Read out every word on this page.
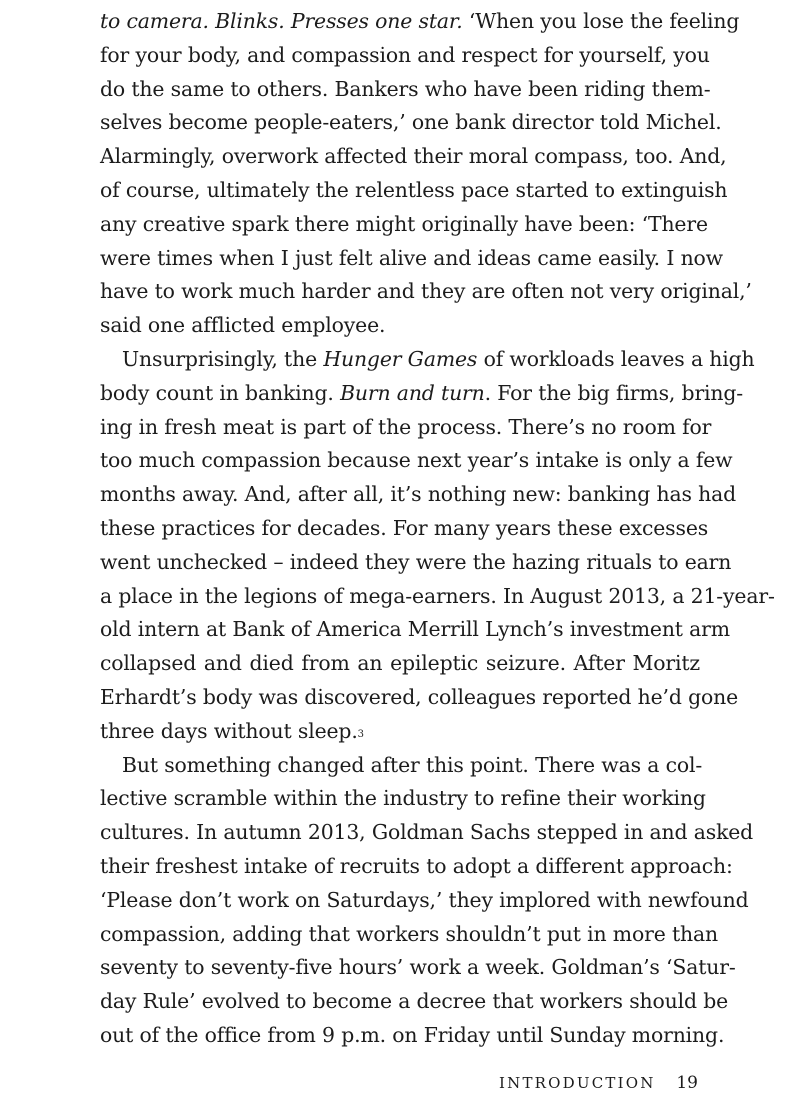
to camera. Blinks. Presses one star. ‘When you lose the feeling
for your body, and compassion and respect for yourself, you
do the same to others. Bankers who have been riding them-
selves become people-eaters,’ one bank director told Michel.
Alarmingly, overwork affected their moral compass, too. And,
of course, ultimately the relentless pace started to extinguish
any creative spark there might originally have been: ‘There
were times when I just felt alive and ideas came easily. I now
have to work much harder and they are often not very original,’
said one afflicted employee.
Unsurprisingly, the Hunger Games of workloads leaves a high
body count in banking. Burn and turn. For the big firms, bring-
ing in fresh meat is part of the process. There’s no room for
too much compassion because next year’s intake is only a few
months away. And, after all, it’s nothing new: banking has had
these practices for decades. For many years these excesses
went unchecked – indeed they were the hazing rituals to earn
a place in the legions of mega-earners. In August 2013, a 21-year-
old intern at Bank of America Merrill Lynch’s investment arm
collapsed and died from an epileptic seizure. After Moritz
Erhardt’s body was discovered, colleagues reported he’d gone
three days without sleep.$^3$
But something changed after this point. There was a col-
lective scramble within the industry to refine their working
cultures. In autumn 2013, Goldman Sachs stepped in and asked
their freshest intake of recruits to adopt a different approach:
‘Please don’t work on Saturdays,’ they implored with newfound
compassion, adding that workers shouldn’t put in more than
seventy to seventy-five hours’ work a week. Goldman’s ‘Satur-
day Rule’ evolved to become a decree that workers should be
out of the office from 9 p.m. on Friday until Sunday morning.
INTRODUCTION 19
